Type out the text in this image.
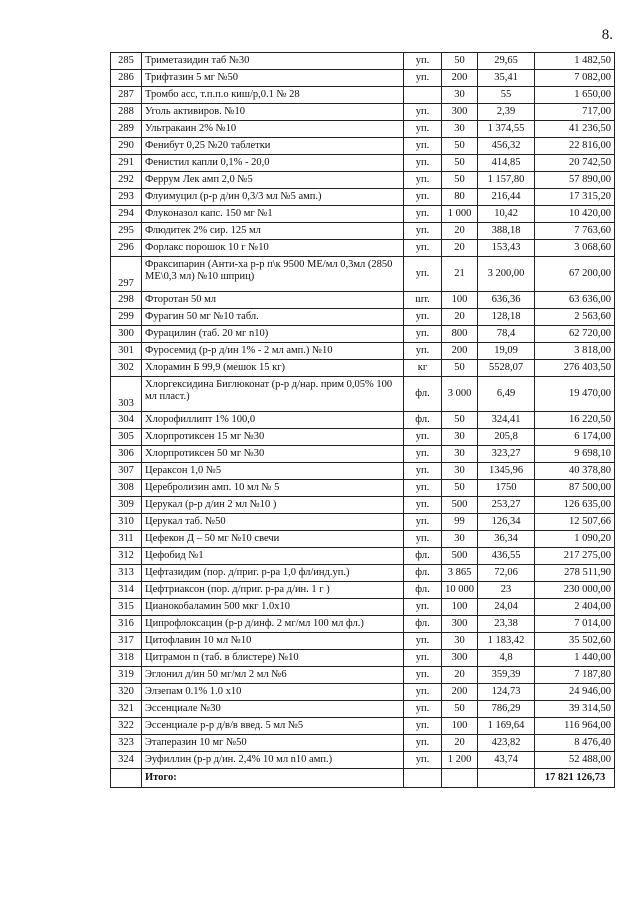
8.
285	Триметазидин таб №30	уп.	50	29,65	1 482,50
286	Трифтазин 5 мг №50	уп.	200	35,41	7 082,00
287	Тромбо асс, т.п.п.о киш/р,0.1 № 28		30	55	1 650,00
288	Уголь активиров. №10	уп.	300	2,39	717,00
289	Ультракаин 2% №10	уп.	30	1 374,55	41 236,50
290	Фенибут 0,25 №20 таблетки	уп.	50	456,32	22 816,00
291	Фенистил капли 0,1% - 20,0	уп.	50	414,85	20 742,50
292	Феррум Лек амп 2,0 №5	уп.	50	1 157,80	57 890,00
293	Флуимуцил (р-р д/ин 0,3/3 мл №5 амп.)	уп.	80	216,44	17 315,20
294	Флуконазол капс. 150 мг №1	уп.	1 000	10,42	10 420,00
295	Флюдитек 2% сир. 125 мл	уп.	20	388,18	7 763,60
296	Форлакс порошок 10 г №10	уп.	20	153,43	3 068,60
297	Фраксипарин (Анти-ха р-р п\к 9500 МЕ/мл 0,3мл (2850 МЕ\0,3 мл) №10 шприц)	уп.	21	3 200,00	67 200,00
298	Фторотан 50 мл	шт.	100	636,36	63 636,00
299	Фурагин 50 мг №10 табл.	уп.	20	128,18	2 563,60
300	Фурацилин (таб. 20 мг n10)	уп.	800	78,4	62 720,00
301	Фуросемид (р-р д/ин 1% - 2 мл амп.) №10	уп.	200	19,09	3 818,00
302	Хлорамин Б 99,9 (мешок 15 кг)	кг	50	5528,07	276 403,50
303	Хлоргексидина Биглюконат (р-р д/нар. прим 0,05% 100 мл пласт.)	фл.	3 000	6,49	19 470,00
304	Хлорофиллипт 1% 100,0	фл.	50	324,41	16 220,50
305	Хлорпротиксен 15 мг №30	уп.	30	205,8	6 174,00
306	Хлорпротиксен 50 мг №30	уп.	30	323,27	9 698,10
307	Цераксон 1,0 №5	уп.	30	1345,96	40 378,80
308	Церебролизин амп. 10 мл № 5	уп.	50	1750	87 500,00
309	Церукал (р-р д/ин 2 мл №10 )	уп.	500	253,27	126 635,00
310	Церукал таб. №50	уп.	99	126,34	12 507,66
311	Цефекон Д – 50 мг №10 свечи	уп.	30	36,34	1 090,20
312	Цефобид №1	фл.	500	436,55	217 275,00
313	Цефтазидим (пор. д/приг. р-ра 1,0 фл/инд.уп.)	фл.	3 865	72,06	278 511,90
314	Цефтриаксон (пор. д/приг. р-ра д/ин. 1 г )	фл.	10 000	23	230 000,00
315	Цианокобаламин 500 мкг 1.0х10	уп.	100	24,04	2 404,00
316	Ципрофлоксацин (р-р д/инф. 2 мг/мл 100 мл фл.)	фл.	300	23,38	7 014,00
317	Цитофлавин 10 мл №10	уп.	30	1 183,42	35 502,60
318	Цитрамон п (таб. в блистере) №10	уп.	300	4,8	1 440,00
319	Эглонил д/ин 50 мг/мл 2 мл №6	уп.	20	359,39	7 187,80
320	Элзепам 0.1% 1.0 х10	уп.	200	124,73	24 946,00
321	Эссенциале №30	уп.	50	786,29	39 314,50
322	Эссенциале р-р д/в/в введ. 5 мл №5	уп.	100	1 169,64	116 964,00
323	Этаперазин 10 мг №50	уп.	20	423,82	8 476,40
324	Эуфиллин (р-р д/ин. 2,4% 10 мл n10 амп.)	уп.	1 200	43,74	52 488,00
	Итого:				17 821 126,73
